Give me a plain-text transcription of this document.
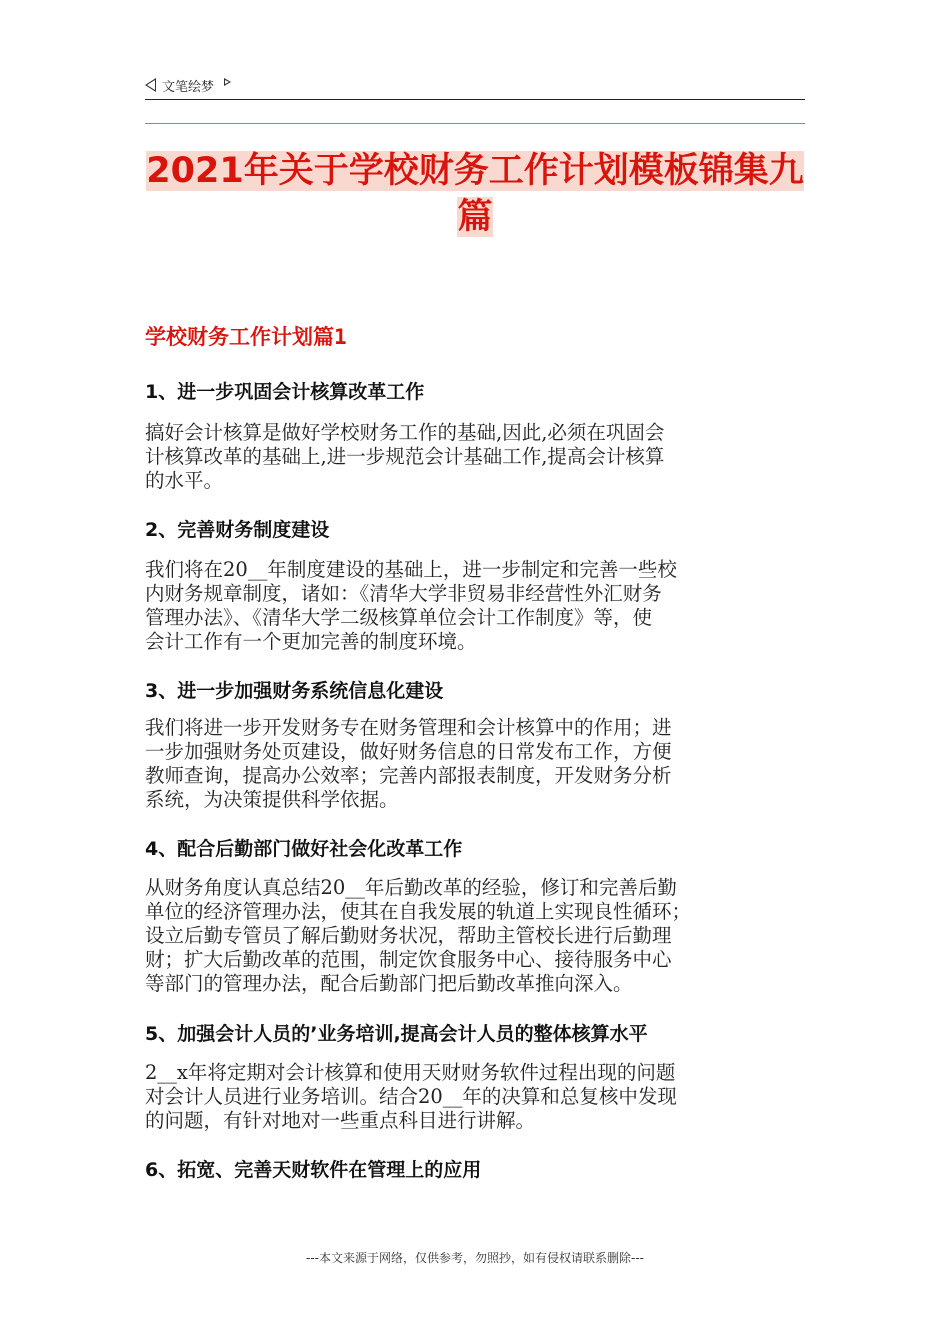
文笔绘梦
2021年关于学校财务工作计划模板锦集九
篇
学校财务工作计划篇1
1、进一步巩固会计核算改革工作
搞好会计核算是做好学校财务工作的基础,因此,必须在巩固会
计核算改革的基础上,进一步规范会计基础工作,提高会计核算
的水平。
2、完善财务制度建设
我们将在20__年制度建设的基础上，进一步制定和完善一些校
内财务规章制度，诸如：《清华大学非贸易非经营性外汇财务
管理办法》、《清华大学二级核算单位会计工作制度》等，使
会计工作有一个更加完善的制度环境。
3、进一步加强财务系统信息化建设
我们将进一步开发财务专在财务管理和会计核算中的作用；进
一步加强财务处页建设，做好财务信息的日常发布工作，方便
教师查询，提高办公效率；完善内部报表制度，开发财务分析
系统，为决策提供科学依据。
4、配合后勤部门做好社会化改革工作
从财务角度认真总结20__年后勤改革的经验，修订和完善后勤
单位的经济管理办法，使其在自我发展的轨道上实现良性循环；
设立后勤专管员了解后勤财务状况，帮助主管校长进行后勤理
财；扩大后勤改革的范围，制定饮食服务中心、接待服务中心
等部门的管理办法，配合后勤部门把后勤改革推向深入。
5、加强会计人员的’业务培训,提高会计人员的整体核算水平
2__x年将定期对会计核算和使用天财财务软件过程出现的问题
对会计人员进行业务培训。结合20__年的决算和总复核中发现
的问题，有针对地对一些重点科目进行讲解。
6、拓宽、完善天财软件在管理上的应用
---本文来源于网络，仅供参考，勿照抄，如有侵权请联系删除---
